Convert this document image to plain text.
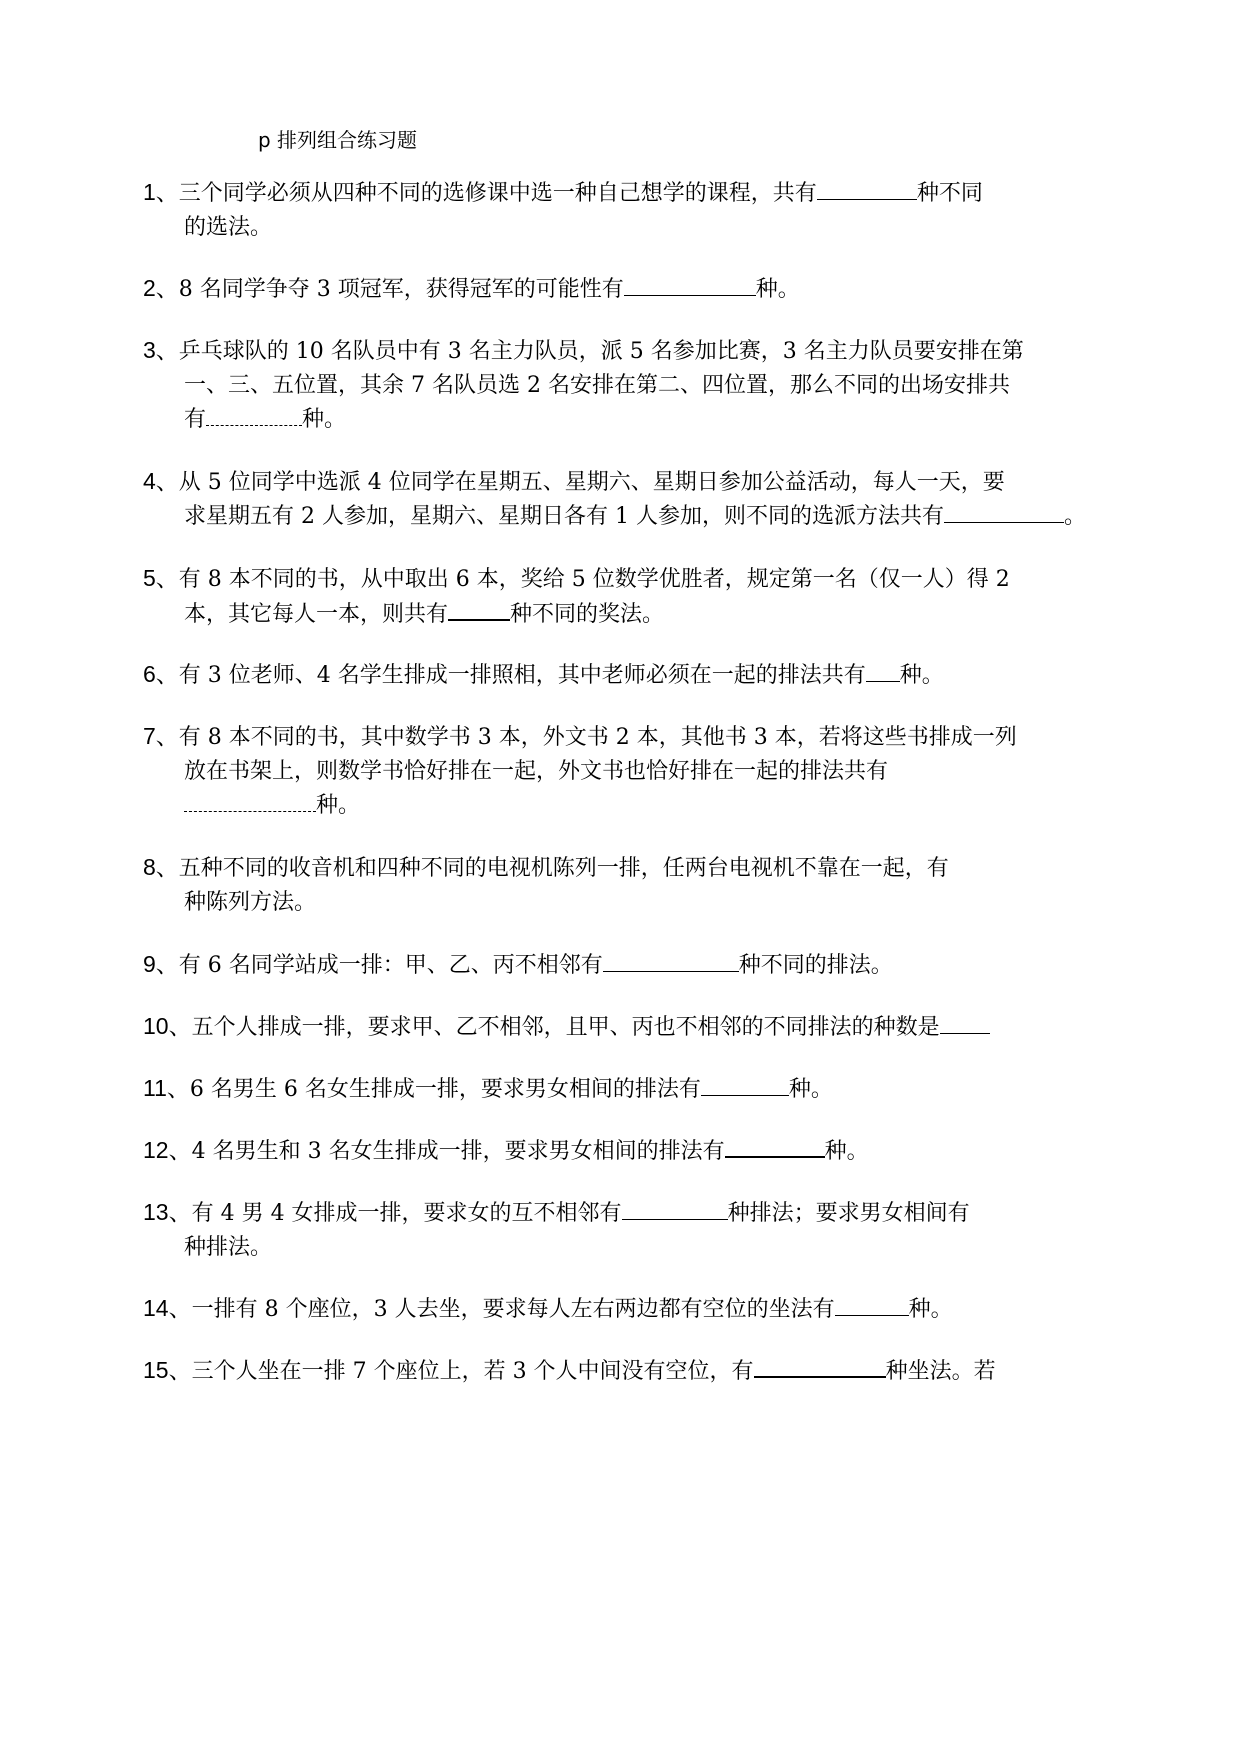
p 排列组合练习题
1、三个同学必须从四种不同的选修课中选一种自己想学的课程，共有	种不同
的选法。
2、8 名同学争夺 3 项冠军，获得冠军的可能性有	种。
3、乒乓球队的 10 名队员中有 3 名主力队员，派 5 名参加比赛，3 名主力队员要安排在第
一、三、五位置，其余 7 名队员选 2 名安排在第二、四位置，那么不同的出场安排共
有	种。
4、从 5 位同学中选派 4 位同学在星期五、星期六、星期日参加公益活动，每人一天，要
求星期五有 2 人参加，星期六、星期日各有 1 人参加，则不同的选派方法共有	。
5、有 8 本不同的书，从中取出 6 本，奖给 5 位数学优胜者，规定第一名（仅一人）得 2
本，其它每人一本，则共有	种不同的奖法。
6、有 3 位老师、4 名学生排成一排照相，其中老师必须在一起的排法共有 种。
7、有 8 本不同的书，其中数学书 3 本，外文书 2 本，其他书 3 本，若将这些书排成一列
放在书架上，则数学书恰好排在一起，外文书也恰好排在一起的排法共有
种。
8、五种不同的收音机和四种不同的电视机陈列一排，任两台电视机不靠在一起，有
种陈列方法。
9、有 6 名同学站成一排：甲、乙、丙不相邻有	种不同的排法。
10、五个人排成一排，要求甲、乙不相邻，且甲、丙也不相邻的不同排法的种数是
11、6 名男生 6 名女生排成一排，要求男女相间的排法有	种。
12、4 名男生和 3 名女生排成一排，要求男女相间的排法有	种。
13、有 4 男 4 女排成一排，要求女的互不相邻有	种排法；要求男女相间有
种排法。
14、一排有 8 个座位，3 人去坐，要求每人左右两边都有空位的坐法有	种。
15、三个人坐在一排 7 个座位上，若 3 个人中间没有空位，有	种坐法。若
